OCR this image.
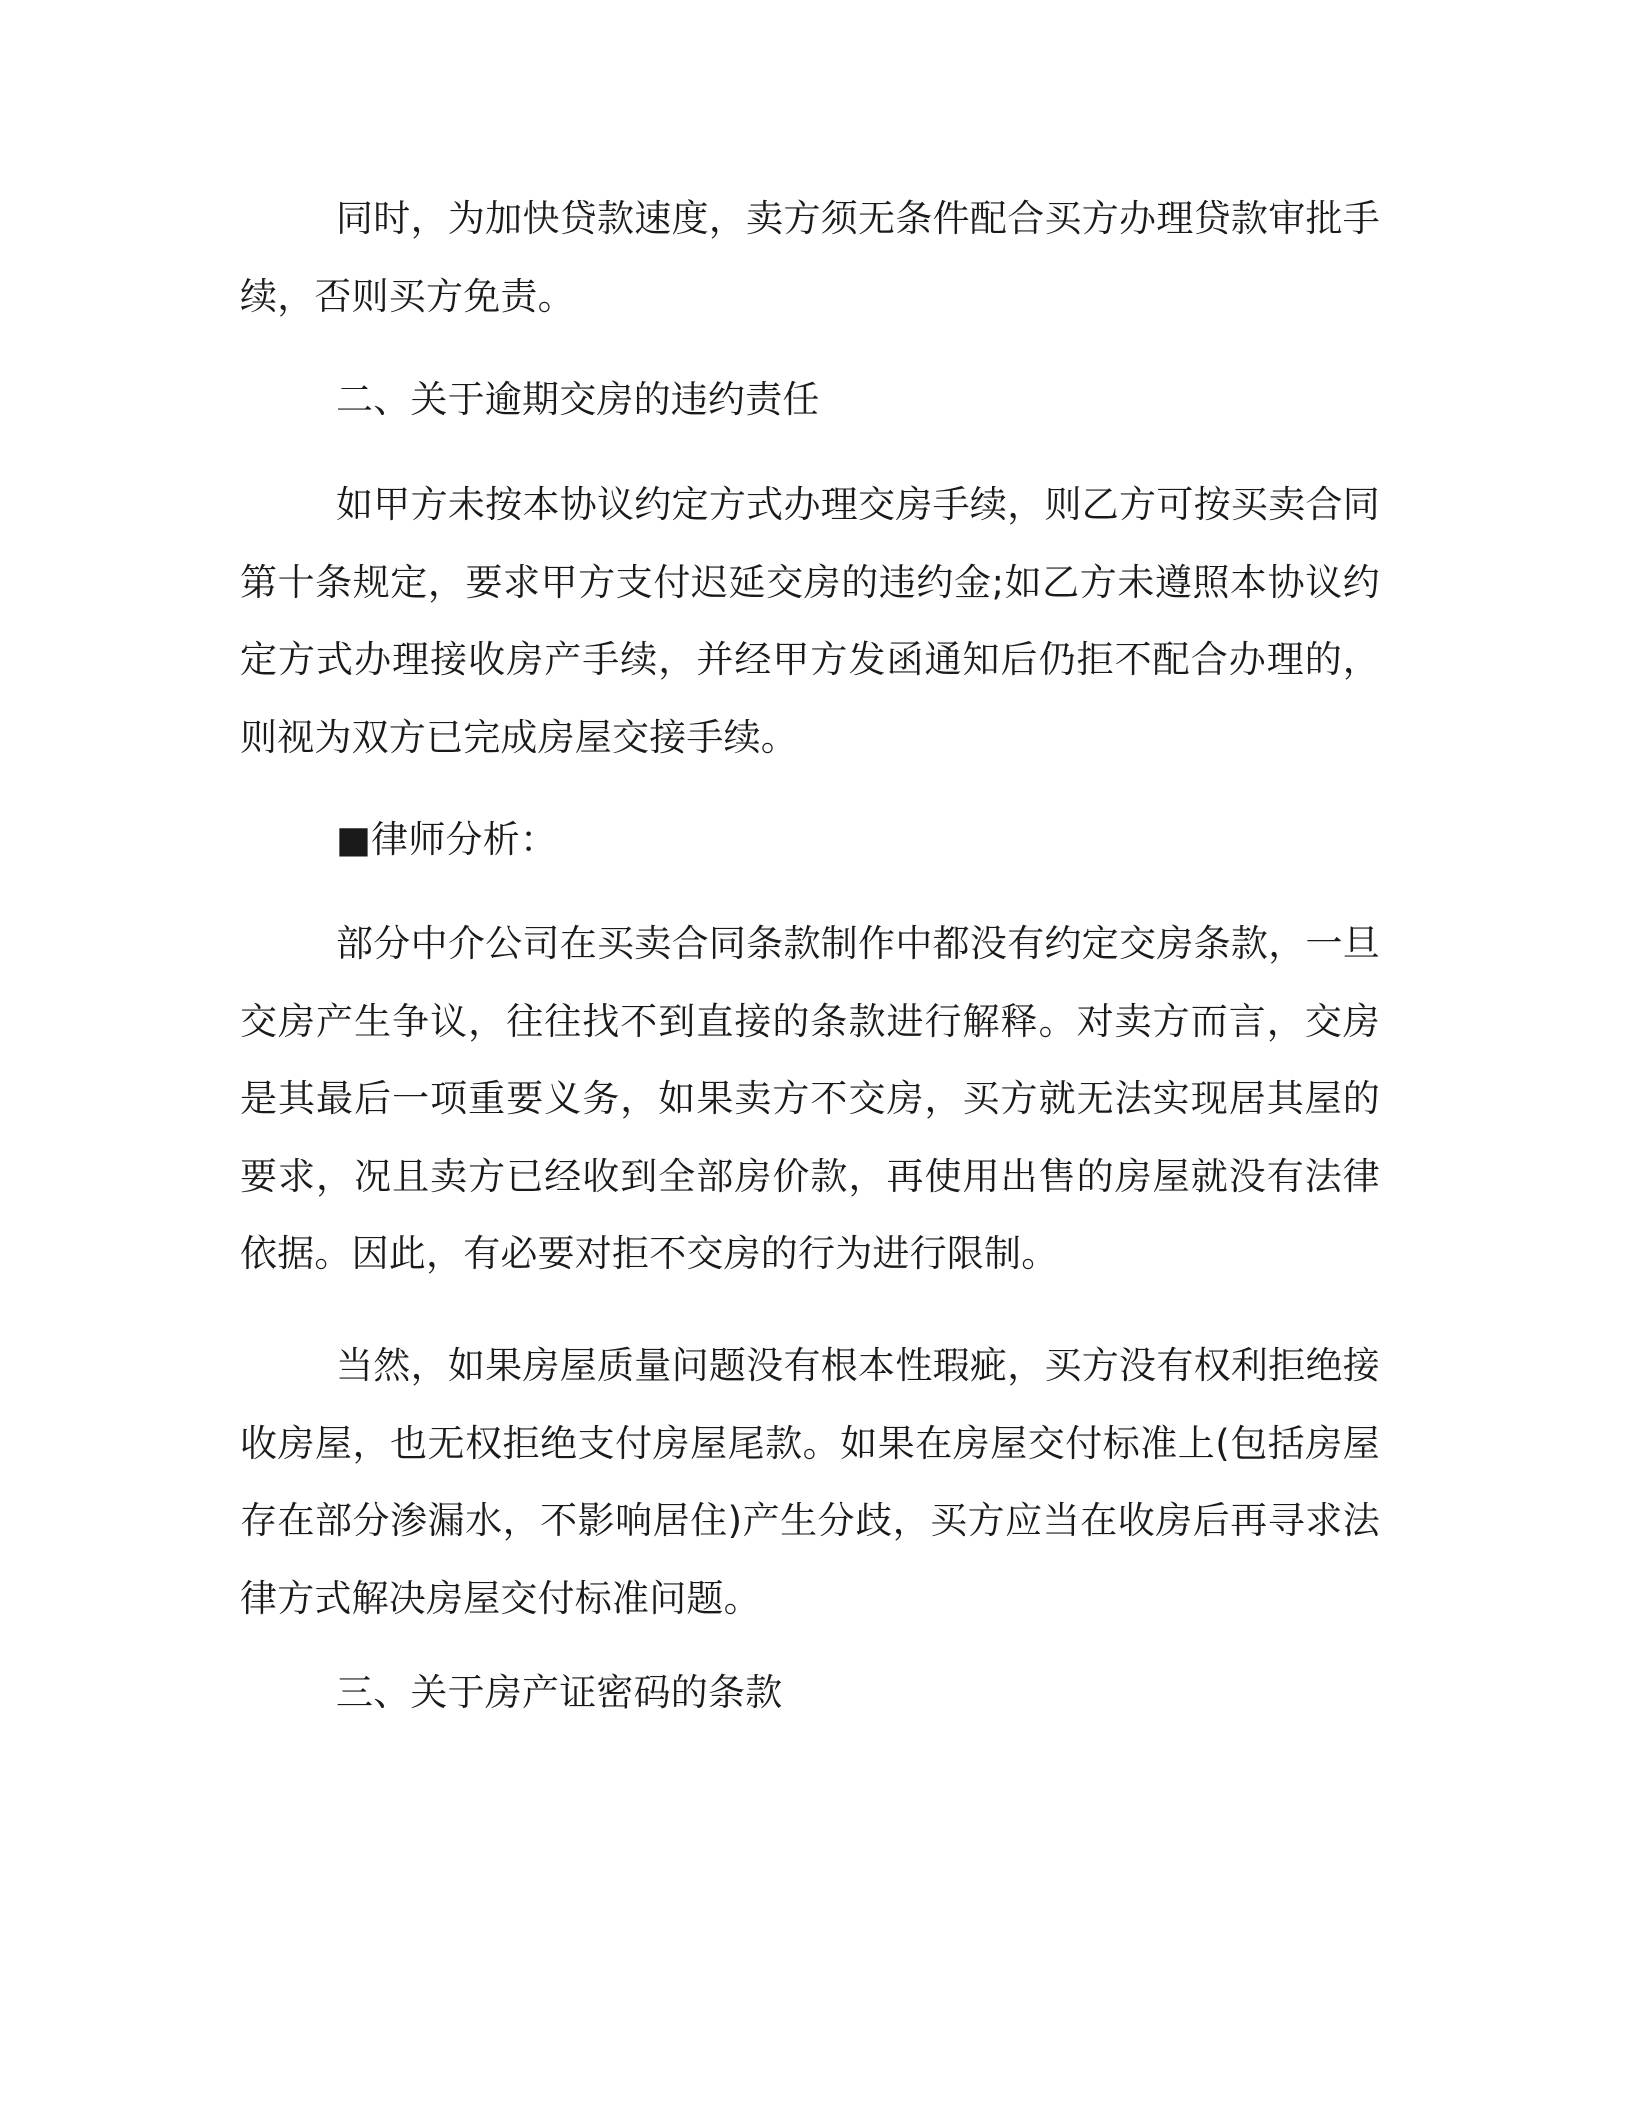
同时，为加快贷款速度，卖方须无条件配合买方办理贷款审批手续，否则买方免责。

二、关于逾期交房的违约责任

如甲方未按本协议约定方式办理交房手续，则乙方可按买卖合同第十条规定，要求甲方支付迟延交房的违约金;如乙方未遵照本协议约定方式办理接收房产手续，并经甲方发函通知后仍拒不配合办理的，则视为双方已完成房屋交接手续。

■律师分析：

部分中介公司在买卖合同条款制作中都没有约定交房条款，一旦交房产生争议，往往找不到直接的条款进行解释。对卖方而言，交房是其最后一项重要义务，如果卖方不交房，买方就无法实现居其屋的要求，况且卖方已经收到全部房价款，再使用出售的房屋就没有法律依据。因此，有必要对拒不交房的行为进行限制。

当然，如果房屋质量问题没有根本性瑕疵，买方没有权利拒绝接收房屋，也无权拒绝支付房屋尾款。如果在房屋交付标准上(包括房屋存在部分渗漏水，不影响居住)产生分歧，买方应当在收房后再寻求法律方式解决房屋交付标准问题。

三、关于房产证密码的条款
